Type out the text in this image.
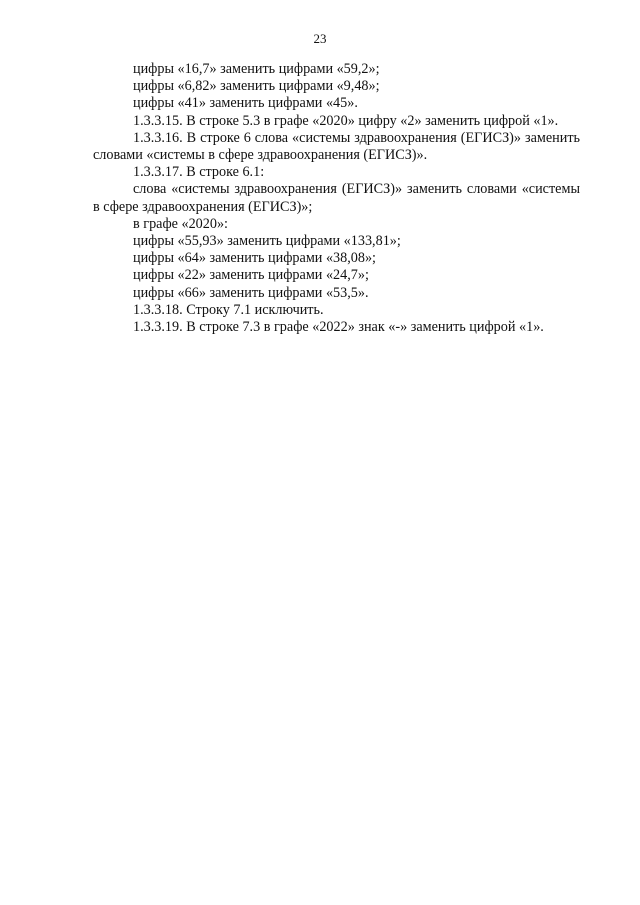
23

цифры «16,7» заменить цифрами «59,2»;

цифры «6,82» заменить цифрами «9,48»;

цифры «41» заменить цифрами «45».

1.3.3.15. В строке 5.3 в графе «2020» цифру «2» заменить цифрой «1».

1.3.3.16. В строке 6 слова «системы здравоохранения (ЕГИСЗ)» заменить словами «системы в сфере здравоохранения (ЕГИСЗ)».

1.3.3.17. В строке 6.1:

слова «системы здравоохранения (ЕГИСЗ)» заменить словами «системы в сфере здравоохранения (ЕГИСЗ)»;

в графе «2020»:

цифры «55,93» заменить цифрами «133,81»;

цифры «64» заменить цифрами «38,08»;

цифры «22» заменить цифрами «24,7»;

цифры «66» заменить цифрами «53,5».

1.3.3.18. Строку 7.1 исключить.

1.3.3.19. В строке 7.3 в графе «2022» знак «-» заменить цифрой «1».
